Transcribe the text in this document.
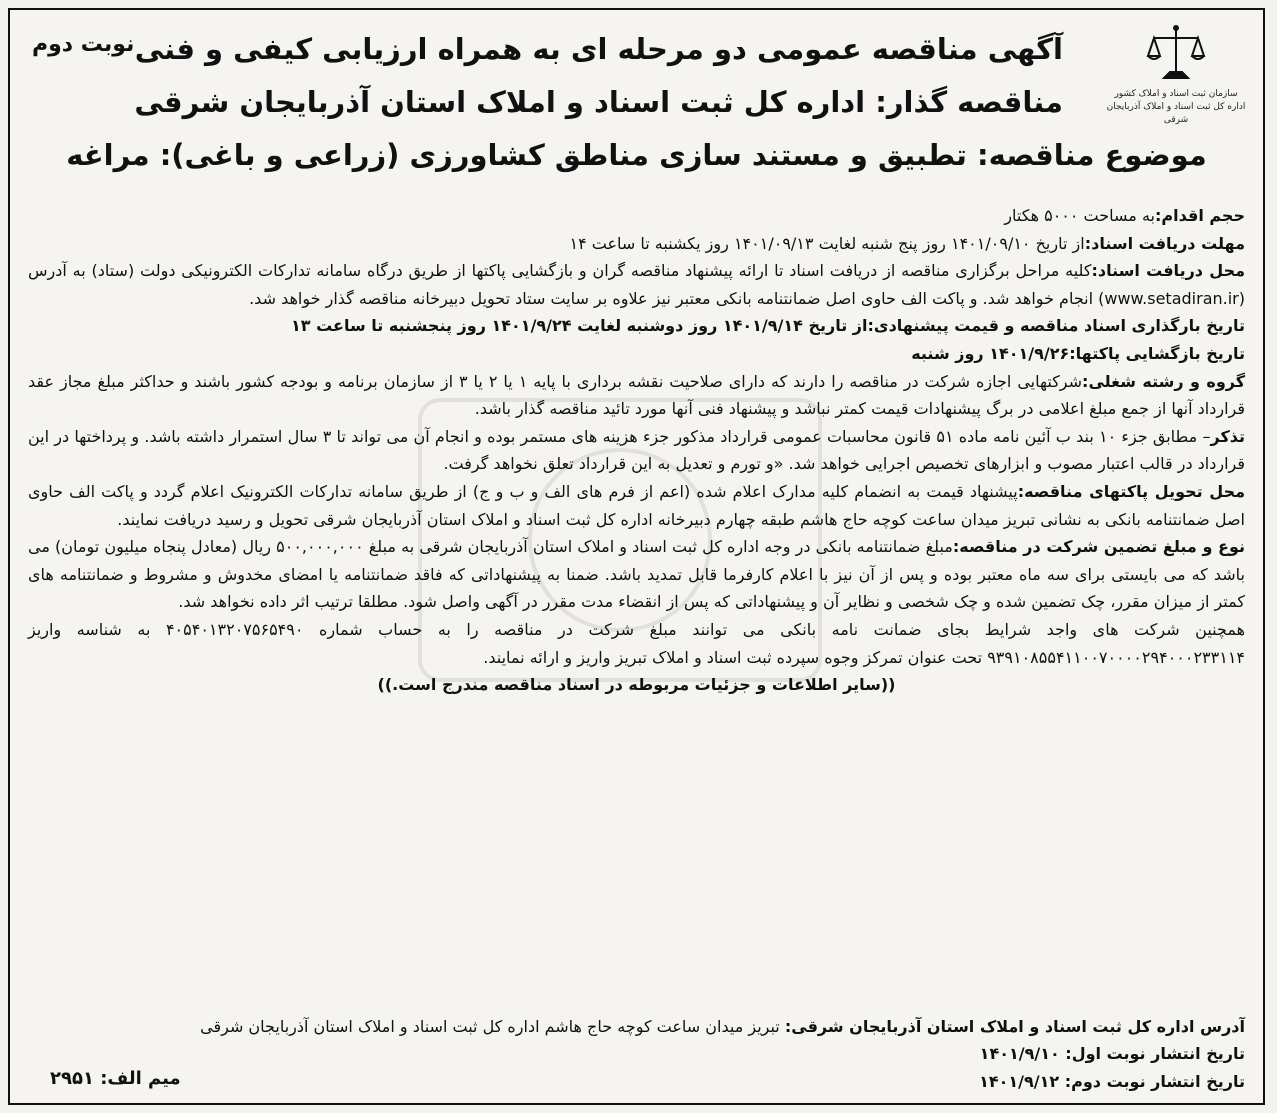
سازمان ثبت اسناد و املاک کشور
اداره کل ثبت اسناد و املاک آذربایجان شرقی
نوبت دوم آگهی مناقصه عمومی دو مرحله ای به همراه ارزیابی کیفی و فنی
مناقصه گذار: اداره کل ثبت اسناد و املاک استان آذربایجان شرقی
موضوع مناقصه: تطبیق و مستند سازی مناطق کشاورزی (زراعی و باغی): مراغه

حجم اقدام:به مساحت ۵۰۰۰ هکتار

مهلت دریافت اسناد:از تاریخ ۱۴۰۱/۰۹/۱۰ روز پنج شنبه لغایت ۱۴۰۱/۰۹/۱۳ روز یکشنبه تا ساعت ۱۴

محل دریافت اسناد:کلیه مراحل برگزاری مناقصه از دریافت اسناد تا ارائه پیشنهاد مناقصه گران و بازگشایی پاکتها از طریق درگاه سامانه تدارکات الکترونیکی دولت (ستاد) به آدرس (www.setadiran.ir) انجام خواهد شد. و پاکت الف حاوی اصل ضمانتنامه بانکی معتبر نیز علاوه بر سایت ستاد تحویل دبیرخانه مناقصه گذار خواهد شد.

تاریخ بارگذاری اسناد مناقصه و قیمت پیشنهادی:از تاریخ ۱۴۰۱/۹/۱۴ روز دوشنبه لغایت ۱۴۰۱/۹/۲۴ روز پنجشنبه تا ساعت ۱۳

تاریخ بازگشایی پاکتها:۱۴۰۱/۹/۲۶ روز شنبه

گروه و رشته شغلی:شرکتهایی اجازه شرکت در مناقصه را دارند که دارای صلاحیت نقشه برداری با پایه ۱ یا ۲ یا ۳ از سازمان برنامه و بودجه کشور باشند و حداکثر مبلغ مجاز عقد قرارداد آنها از جمع مبلغ اعلامی در برگ پیشنهادات قیمت کمتر نباشد و پیشنهاد فنی آنها مورد تائید مناقصه گذار باشد.

تذکر– مطابق جزء ۱۰ بند ب آئین نامه ماده ۵۱ قانون محاسبات عمومی قرارداد مذکور جزء هزینه های مستمر بوده و انجام آن می تواند تا ۳ سال استمرار داشته باشد. و پرداختها در این قرارداد در قالب اعتبار مصوب و ابزارهای تخصیص اجرایی خواهد شد. «و تورم و تعدیل به این قرارداد تعلق نخواهد گرفت.

محل تحویل پاکتهای مناقصه:پیشنهاد قیمت به انضمام کلیه مدارک اعلام شده (اعم از فرم های الف و ب و ج) از طریق سامانه تدارکات الکترونیک اعلام گردد و پاکت الف حاوی اصل ضمانتنامه بانکی به نشانی تبریز میدان ساعت کوچه حاج هاشم طبقه چهارم دبیرخانه اداره کل ثبت اسناد و املاک استان آذربایجان شرقی تحویل و رسید دریافت نمایند.

نوع و مبلغ تضمین شرکت در مناقصه:مبلغ ضمانتنامه بانکی در وجه اداره کل ثبت اسناد و املاک استان آذربایجان شرقی به مبلغ ۵۰۰,۰۰۰,۰۰۰ ریال (معادل پنجاه میلیون تومان) می باشد که می بایستی برای سه ماه معتبر بوده و پس از آن نیز با اعلام کارفرما قابل تمدید باشد. ضمنا به پیشنهاداتی که فاقد ضمانتنامه یا امضای مخدوش و مشروط و ضمانتنامه های کمتر از میزان مقرر، چک تضمین شده و چک شخصی و نظایر آن و پیشنهاداتی که پس از انقضاء مدت مقرر در آگهی واصل شود. مطلقا ترتیب اثر داده نخواهد شد.

همچنین شرکت های واجد شرایط بجای ضمانت نامه بانکی می توانند مبلغ شرکت در مناقصه را به حساب شماره ۴۰۵۴۰۱۳۲۰۷۵۶۵۴۹۰ به شناسه واریز ۹۳۹۱۰۸۵۵۴۱۱۰۰۷۰۰۰۰۲۹۴۰۰۰۲۳۳۱۱۴ تحت عنوان تمرکز وجوه سپرده ثبت اسناد و املاک تبریز واریز و اراﺋﻪ نمایند.

((سایر اطلاعات و جزئیات مربوطه در اسناد مناقصه مندرج است.))

آدرس اداره کل ثبت اسناد و املاک استان آذربایجان شرقی: تبریز میدان ساعت کوچه حاج هاشم اداره کل ثبت اسناد و املاک استان آذربایجان شرقی
تاریخ انتشار نوبت اول: ۱۴۰۱/۹/۱۰
تاریخ انتشار نوبت دوم: ۱۴۰۱/۹/۱۲
میم الف: ۲۹۵۱
